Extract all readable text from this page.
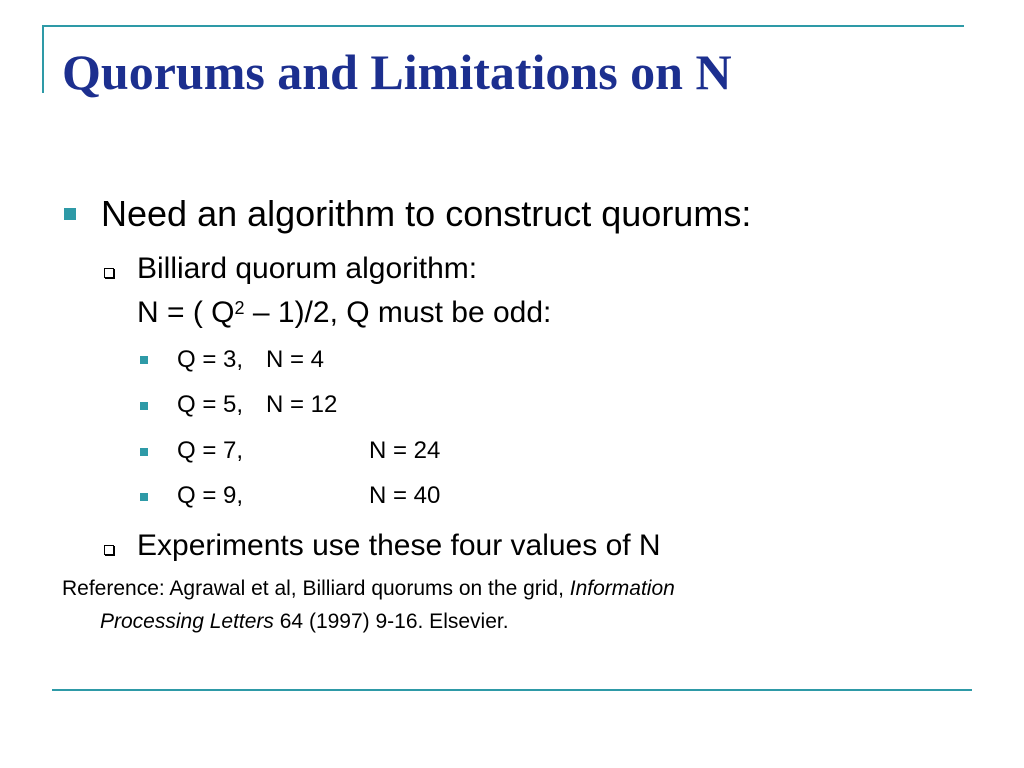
Quorums and Limitations on N

Need an algorithm to construct quorums:

Billiard quorum algorithm:

N = ( $Q^2 - 1)/2$, Q must be odd:

Q = 3, N = 4

Q = 5, N = 12

Q = 7,	N = 24

Q = 9,	N = 40

Experiments use these four values of N

Reference: Agrawal et al, Billiard quorums on the grid, Information

Processing Letters 64 (1997) 9-16. Elsevier.
